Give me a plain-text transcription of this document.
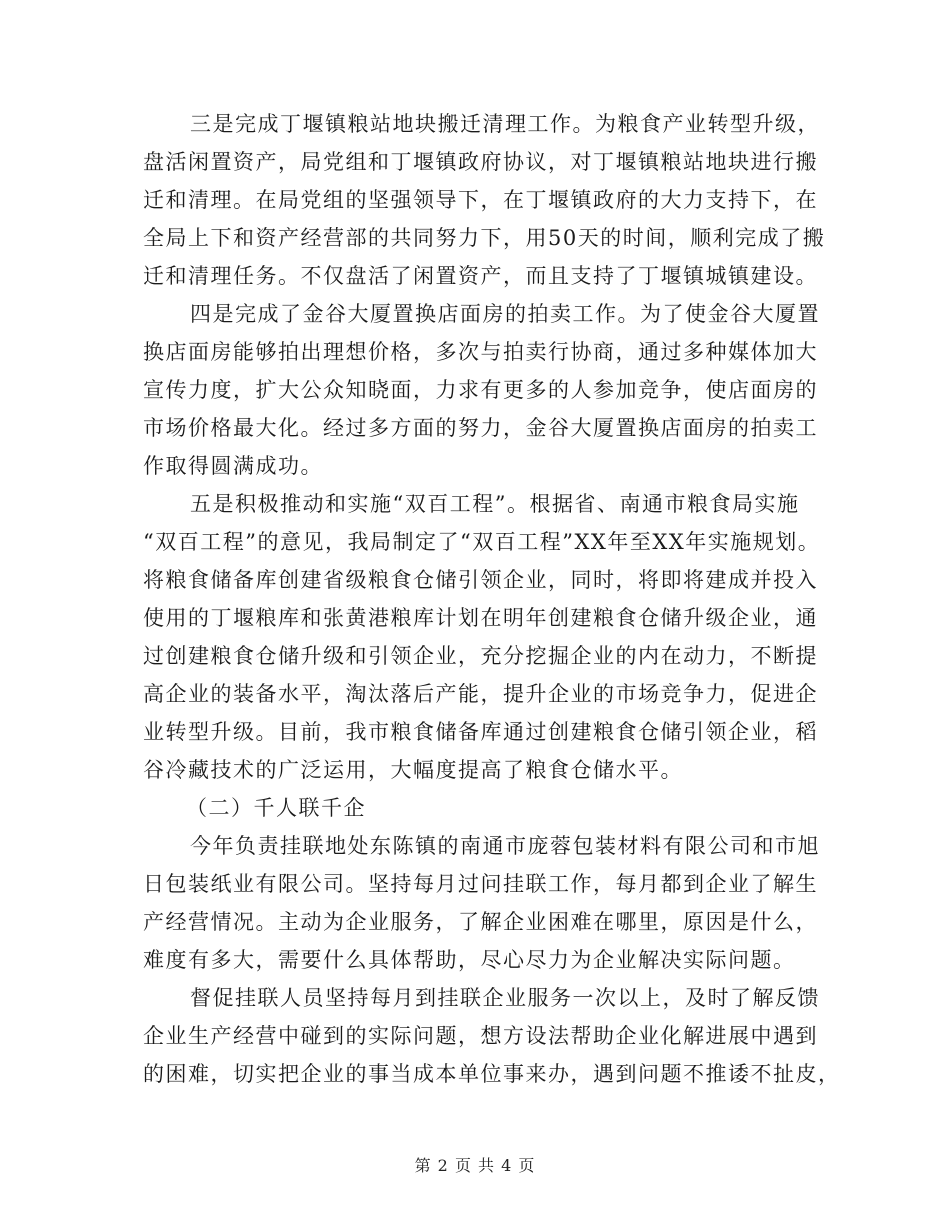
三是完成丁堰镇粮站地块搬迁清理工作。为粮食产业转型升级，
盘活闲置资产，局党组和丁堰镇政府协议，对丁堰镇粮站地块进行搬
迁和清理。在局党组的坚强领导下，在丁堰镇政府的大力支持下，在
全局上下和资产经营部的共同努力下，用50天的时间，顺利完成了搬
迁和清理任务。不仅盘活了闲置资产，而且支持了丁堰镇城镇建设。
四是完成了金谷大厦置换店面房的拍卖工作。为了使金谷大厦置
换店面房能够拍出理想价格，多次与拍卖行协商，通过多种媒体加大
宣传力度，扩大公众知晓面，力求有更多的人参加竞争，使店面房的
市场价格最大化。经过多方面的努力，金谷大厦置换店面房的拍卖工
作取得圆满成功。
五是积极推动和实施“双百工程”。根据省、南通市粮食局实施
“双百工程”的意见，我局制定了“双百工程”XX年至XX年实施规划。
将粮食储备库创建省级粮食仓储引领企业，同时，将即将建成并投入
使用的丁堰粮库和张黄港粮库计划在明年创建粮食仓储升级企业，通
过创建粮食仓储升级和引领企业，充分挖掘企业的内在动力，不断提
高企业的装备水平，淘汰落后产能，提升企业的市场竞争力，促进企
业转型升级。目前，我市粮食储备库通过创建粮食仓储引领企业，稻
谷冷藏技术的广泛运用，大幅度提高了粮食仓储水平。
（二）千人联千企
今年负责挂联地处东陈镇的南通市庞蓉包装材料有限公司和市旭
日包装纸业有限公司。坚持每月过问挂联工作，每月都到企业了解生
产经营情况。主动为企业服务，了解企业困难在哪里，原因是什么，
难度有多大，需要什么具体帮助，尽心尽力为企业解决实际问题。
督促挂联人员坚持每月到挂联企业服务一次以上，及时了解反馈
企业生产经营中碰到的实际问题，想方设法帮助企业化解进展中遇到
的困难，切实把企业的事当成本单位事来办，遇到问题不推诿不扯皮，
第 2 页 共 4 页
